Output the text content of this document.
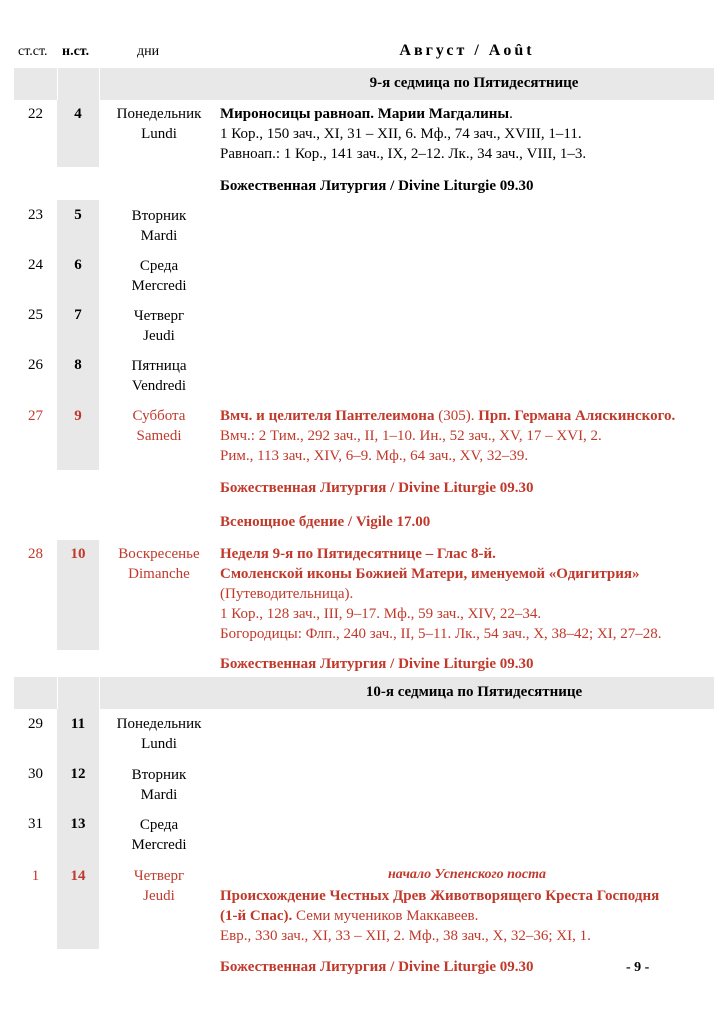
ст.ст. н.ст.	дни	Август / Août
9-я седмица по Пятидесятнице
22	4	Понедельник
Lundi
Мироносицы равноап. Марии Магдалины.
1 Кор., 150 зач., XI, 31 – XII, 6. Мф., 74 зач., XVIII, 1–11.
Равноап.: 1 Кор., 141 зач., IX, 2–12. Лк., 34 зач., VIII, 1–3.
Божественная Литургия / Divine Liturgie 09.30
23	5	Вторник
Mardi
24	6	Среда
Mercredi
25	7	Четверг
Jeudi
26	8	Пятница
Vendredi
27	9	Суббота
Samedi
Вмч. и целителя Пантелеимона (305). Прп. Германа Аляскинского.
Вмч.: 2 Тим., 292 зач., II, 1–10. Ин., 52 зач., XV, 17 – XVI, 2.
Рим., 113 зач., XIV, 6–9. Мф., 64 зач., XV, 32–39.
Божественная Литургия / Divine Liturgie 09.30
Всенощное бдение / Vigile 17.00
28	10	Воскресенье
Dimanche
Неделя 9-я по Пятидесятнице – Глас 8-й.
Смоленской иконы Божией Матери, именуемой «Одигитрия»
(Путеводительница).
1 Кор., 128 зач., III, 9–17. Мф., 59 зач., XIV, 22–34.
Богородицы: Флп., 240 зач., II, 5–11. Лк., 54 зач., X, 38–42; XI, 27–28.
Божественная Литургия / Divine Liturgie 09.30
10-я седмица по Пятидесятнице
29	11	Понедельник
Lundi
30	12	Вторник
Mardi
31	13	Среда
Mercredi
1	14	Четверг
Jeudi
начало Успенского поста
Происхождение Честных Древ Животворящего Креста Господня
(1-й Спас). Семи мучеников Маккавеев.
Евр., 330 зач., XI, 33 – XII, 2. Мф., 38 зач., X, 32–36; XI, 1.
Божественная Литургия / Divine Liturgie 09.30	- 9 -
